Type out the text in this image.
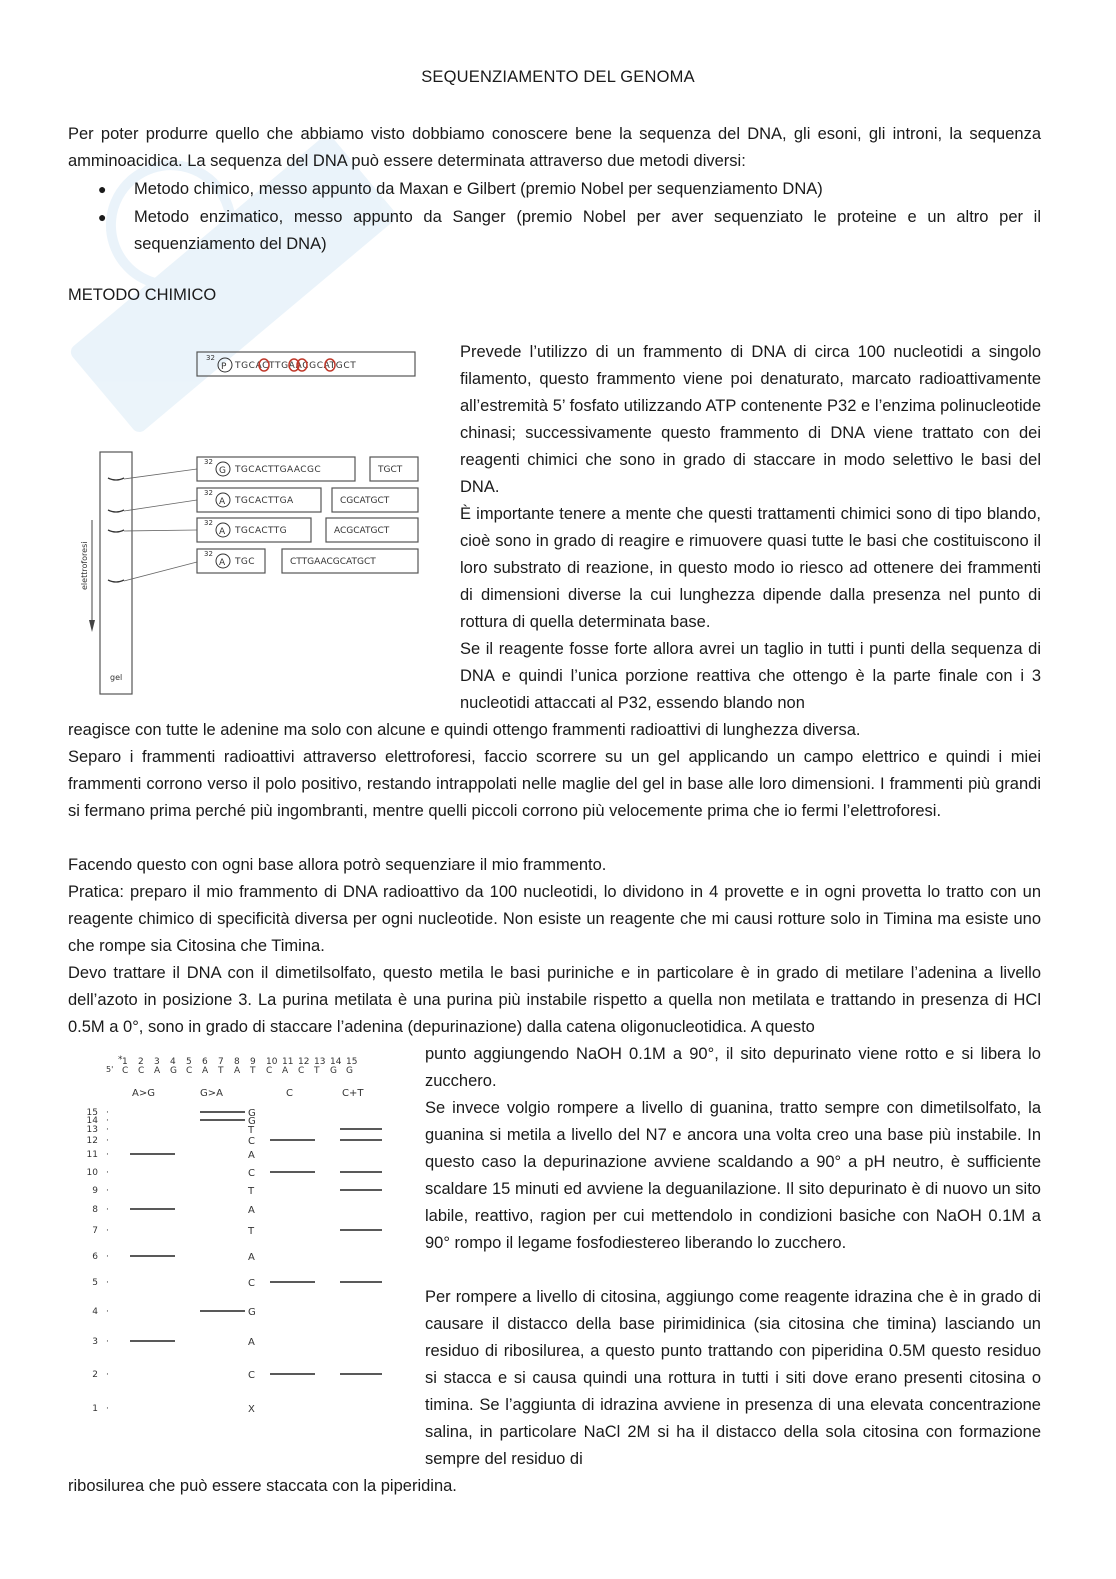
SEQUENZIAMENTO DEL GENOMA

Per poter produrre quello che abbiamo visto dobbiamo conoscere bene la sequenza del DNA, gli esoni, gli introni, la sequenza amminoacidica. La sequenza del DNA può essere determinata attraverso due metodi diversi:

● Metodo chimico, messo appunto da Maxan e Gilbert (premio Nobel per sequenziamento DNA)

● Metodo enzimatico, messo appunto da Sanger (premio Nobel per aver sequenziato le proteine e un altro per il sequenziamento del DNA)

METODO CHIMICO
32
P TGCACTTGAACGCATGCT
gel
elettroforesi
32
G TGCACTTGAACGC	TGCT
32
A TGCACTTGA	CGCATGCT
32
A TGCACTTG	ACGCATGCT
32
A TGC	CTTGAACGCATGCT

Prevede l’utilizzo di un frammento di DNA di circa 100 nucleotidi a singolo filamento, questo frammento viene poi denaturato, marcato radioattivamente all’estremità 5’ fosfato utilizzando ATP contenente P32 e l’enzima polinucleotide chinasi; successivamente questo frammento di DNA viene trattato con dei reagenti chimici che sono in grado di staccare in modo selettivo le basi del DNA.

È importante tenere a mente che questi trattamenti chimici sono di tipo blando, cioè sono in grado di reagire e rimuovere quasi tutte le basi che costituiscono il loro substrato di reazione, in questo modo io riesco ad ottenere dei frammenti di dimensioni diverse la cui lunghezza dipende dalla presenza nel punto di rottura di quella determinata base.

Se il reagente fosse forte allora avrei un taglio in tutti i punti della sequenza di DNA e quindi l’unica porzione reattiva che ottengo è la parte finale con i 3 nucleotidi attaccati al P32, essendo blando non

reagisce con tutte le adenine ma solo con alcune e quindi ottengo frammenti radioattivi di lunghezza diversa.

Separo i frammenti radioattivi attraverso elettroforesi, faccio scorrere su un gel applicando un campo elettrico e quindi i miei frammenti corrono verso il polo positivo, restando intrappolati nelle maglie del gel in base alle loro dimensioni. I frammenti più grandi si fermano prima perché più ingombranti, mentre quelli piccoli corrono più velocemente prima che io fermi l’elettroforesi.

Facendo questo con ogni base allora potrò sequenziare il mio frammento.

Pratica: preparo il mio frammento di DNA radioattivo da 100 nucleotidi, lo dividono in 4 provette e in ogni provetta lo tratto con un reagente chimico di specificità diversa per ogni nucleotide. Non esiste un reagente che mi causi rotture solo in Timina ma esiste uno che rompe sia Citosina che Timina.

Devo trattare il DNA con il dimetilsolfato, questo metila le basi puriniche e in particolare è in grado di metilare l’adenina a livello dell’azoto in posizione 3. La purina metilata è una purina più instabile rispetto a quella non metilata e trattando in presenza di HCl 0.5M a 0°, sono in grado di staccare l’adenina (depurinazione) dalla catena oligonucleotidica. A questo

5'
* 1 2 3 4 5 6 7 8 9 10 11 12 13 14 15
C C A G C A T A T C A C T G G
A>G	G>A	C	C+T
15 ·	G
14 ·	G
13 ·	T
12 ·	C
11 ·	A
10 ·	C
9 ·	T
8 ·	A
7 ·	T
6 ·	A
5 ·	C
4 ·	G
3 ·	A
2 ·	C
1 ·	X

punto aggiungendo NaOH 0.1M a 90°, il sito depurinato viene rotto e si libera lo zucchero.

Se invece volgio rompere a livello di guanina, tratto sempre con dimetilsolfato, la guanina si metila a livello del N7 e ancora una volta creo una base più instabile. In questo caso la depurinazione avviene scaldando a 90° a pH neutro, è sufficiente scaldare 15 minuti ed avviene la deguanilazione. Il sito depurinato è di nuovo un sito labile, reattivo, ragion per cui mettendolo in condizioni basiche con NaOH 0.1M a 90° rompo il legame fosfodiestereo liberando lo zucchero.

Per rompere a livello di citosina, aggiungo come reagente idrazina che è in grado di causare il distacco della base pirimidinica (sia citosina che timina) lasciando un residuo di ribosilurea, a questo punto trattando con piperidina 0.5M questo residuo si stacca e si causa quindi una rottura in tutti i siti dove erano presenti citosina o timina. Se l’aggiunta di idrazina avviene in presenza di una elevata concentrazione salina, in particolare NaCl 2M si ha il distacco della sola citosina con formazione sempre del residuo di

ribosilurea che può essere staccata con la piperidina.
